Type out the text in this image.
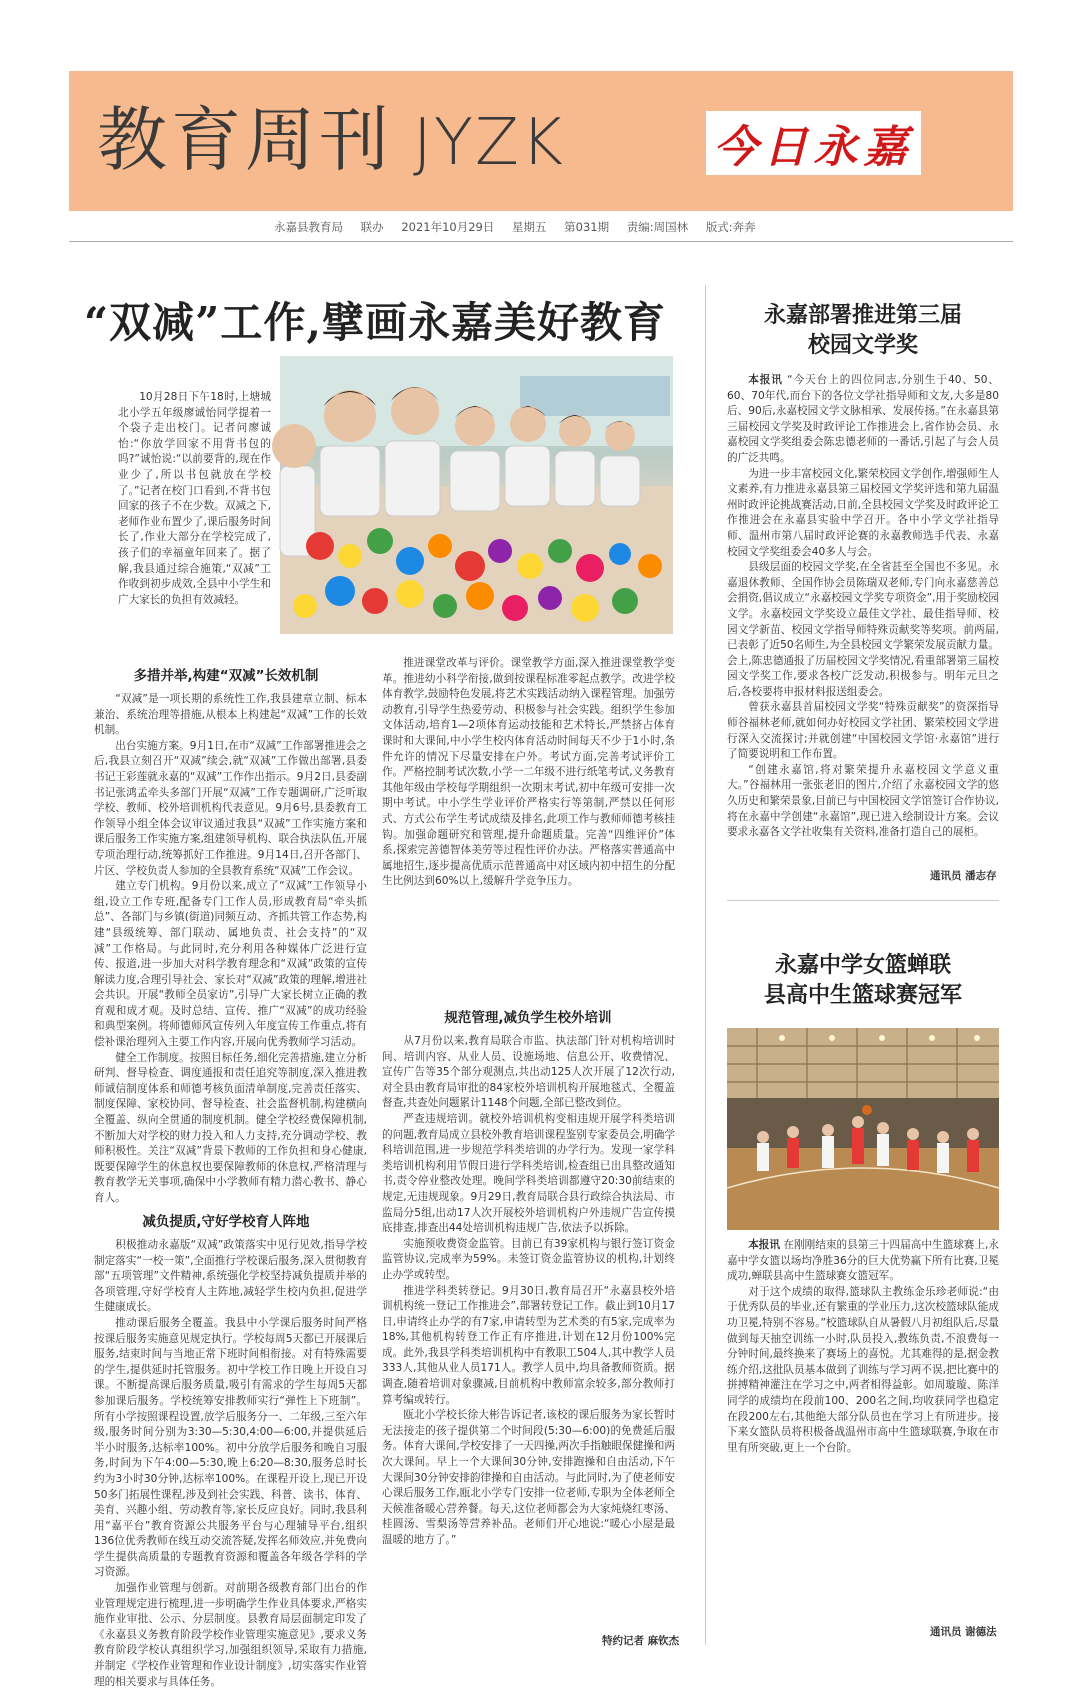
教育周刊 JYZK	今日永嘉
永嘉县教育局 联办 2021年10月29日 星期五 第031期 责编:周国林 版式:奔奔
“双减”工作,擘画永嘉美好教育

10月28日下午18时,上塘城北小学五年级廖诚怡同学提着一个袋子走出校门。记者问廖诚怡:“你放学回家不用背书包的吗?”诚怡说:“以前要背的,现在作业少了,所以书包就放在学校了。”记者在校门口看到,不背书包回家的孩子不在少数。双减之下,老师作业布置少了,课后服务时间长了,作业大部分在学校完成了,孩子们的幸福童年回来了。据了解,我县通过综合施策,“双减”工作收到初步成效,全县中小学生和广大家长的负担有效减轻。

多措并举,构建“双减”长效机制

“双减”是一项长期的系统性工作,我县建章立制、标本兼治、系统治理等措施,从根本上构建起“双减”工作的长效机制。

出台实施方案。9月1日,在市“双减”工作部署推进会之后,我县立刻召开“双减”续会,就“双减”工作做出部署,县委书记王彩莲就永嘉的“双减”工作作出指示。9月2日,县委副书记张鸿孟牵头多部门开展“双减”工作专题调研,广泛听取学校、教师、校外培训机构代表意见。9月6号,县委教育工作领导小组全体会议审议通过我县“双减”工作实施方案和课后服务工作实施方案,组建领导机构、联合执法队伍,开展专项治理行动,统筹抓好工作推进。9月14日,召开各部门、片区、学校负责人参加的全县教育系统“双减”工作会议。

建立专门机构。9月份以来,成立了“双减”工作领导小组,设立工作专班,配备专门工作人员,形成教育局“牵头抓总”、各部门与乡镇(街道)同频互动、齐抓共管工作态势,构建“县级统筹、部门联动、属地负责、社会支持”的“双减”工作格局。与此同时,充分利用各种媒体广泛进行宣传、报道,进一步加大对科学教育理念和“双减”政策的宣传解读力度,合理引导社会、家长对“双减”政策的理解,增进社会共识。开展“教师全员家访”,引导广大家长树立正确的教育观和成才观。及时总结、宣传、推广“双减”的成功经验和典型案例。将师德师风宣传列入年度宣传工作重点,将有偿补课治理列入主要工作内容,开展向优秀教师学习活动。

健全工作制度。按照目标任务,细化完善措施,建立分析研判、督导检查、调度通报和责任追究等制度,深入推进教师诚信制度体系和师德考核负面清单制度,完善责任落实、制度保障、家校协同、督导检查、社会监督机制,构建横向全覆盖、纵向全贯通的制度机制。健全学校经费保障机制,不断加大对学校的财力投入和人力支持,充分调动学校、教师积极性。关注“双减”背景下教师的工作负担和身心健康,既要保障学生的休息权也要保障教师的休息权,严格清理与教育教学无关事项,确保中小学教师有精力潜心教书、静心育人。

减负提质,守好学校育人阵地

积极推动永嘉版“双减”政策落实中见行见效,指导学校制定落实“一校一策”,全面推行学校课后服务,深入贯彻教育部“五项管理”文件精神,系统强化学校坚持减负提质并举的各项管理,守好学校育人主阵地,减轻学生校内负担,促进学生健康成长。

推动课后服务全覆盖。我县中小学课后服务时间严格按课后服务实施意见规定执行。学校每周5天都已开展课后服务,结束时间与当地正常下班时间相衔接。对有特殊需要的学生,提供延时托管服务。初中学校工作日晚上开设自习课。不断提高课后服务质量,吸引有需求的学生每周5天都参加课后服务。学校统筹安排教师实行“弹性上下班制”。所有小学按照课程设置,放学后服务分一、二年级,三至六年级,服务时间分别为3:30—5:30,4:00—6:00,并提供延后半小时服务,达标率100%。初中分放学后服务和晚自习服务,时间为下午4:00—5:30,晚上6:20—8:30,服务总时长约为3小时30分钟,达标率100%。在课程开设上,现已开设50多门拓展性课程,涉及到社会实践、科普、读书、体育、美育、兴趣小组、劳动教育等,家长反应良好。同时,我县利用“嘉平台”教育资源公共服务平台与心理辅导平台,组织136位优秀教师在线互动交流答疑,发挥名师效应,并免费向学生提供高质量的专题教育资源和覆盖各年级各学科的学习资源。

加强作业管理与创新。对前期各级教育部门出台的作业管理规定进行梳理,进一步明确学生作业具体要求,严格实施作业审批、公示、分层制度。县教育局层面制定印发了《永嘉县义务教育阶段学校作业管理实施意见》,要求义务教育阶段学校认真组织学习,加强组织领导,采取有力措施,并制定《学校作业管理和作业设计制度》,切实落实作业管理的相关要求与具体任务。

推进课堂改革与评价。课堂教学方面,深入推进课堂教学变革。推进幼小科学衔接,做到按课程标准零起点教学。改进学校体育教学,鼓励特色发展,将艺术实践活动纳入课程管理。加强劳动教育,引导学生热爱劳动、积极参与社会实践。组织学生参加文体活动,培育1—2项体育运动技能和艺术特长,严禁挤占体育课时和大课间,中小学生校内体育活动时间每天不少于1小时,条件允许的情况下尽量安排在户外。考试方面,完善考试评价工作。严格控制考试次数,小学一二年级不进行纸笔考试,义务教育其他年级由学校每学期组织一次期末考试,初中年级可安排一次期中考试。中小学生学业评价严格实行等第制,严禁以任何形式、方式公布学生考试成绩及排名,此项工作与教师师德考核挂钩。加强命题研究和管理,提升命题质量。完善“四维评价”体系,探索完善德智体美劳等过程性评价办法。严格落实普通高中属地招生,逐步提高优质示范普通高中对区域内初中招生的分配生比例达到60%以上,缓解升学竞争压力。

规范管理,减负学生校外培训

从7月份以来,教育局联合市监、执法部门针对机构培训时间、培训内容、从业人员、设施场地、信息公开、收费情况、宣传广告等35个部分观测点,共出动125人次开展了12次行动,对全县由教育局审批的84家校外培训机构开展地毯式、全覆盖督查,共查处问题累计1148个问题,全部已整改到位。

严查违规培训。就校外培训机构变相违规开展学科类培训的问题,教育局成立县校外教育培训课程鉴别专家委员会,明确学科培训范围,进一步规范学科类培训的办学行为。发现一家学科类培训机构利用节假日进行学科类培训,检查组已出具整改通知书,责令停业整改处理。晚间学科类培训都遵守20:30前结束的规定,无违规现象。9月29日,教育局联合县行政综合执法局、市监局分5组,出动17人次开展校外培训机构户外违规广告宣传摸底排查,排查出44处培训机构违规广告,依法予以拆除。

实施预收费资金监管。目前已有39家机构与银行签订资金监管协议,完成率为59%。未签订资金监管协议的机构,计划终止办学或转型。

推进学科类转登记。9月30日,教育局召开“永嘉县校外培训机构统一登记工作推进会”,部署转登记工作。截止到10月17日,申请终止办学的有7家,申请转型为艺术类的有5家,完成率为18%,其他机构转登工作正有序推进,计划在12月份100%完成。此外,我县学科类培训机构中有教职工504人,其中教学人员333人,其他从业人员171人。教学人员中,均具备教师资质。据调查,随着培训对象骤减,目前机构中教师富余较多,部分教师打算考编或转行。

瓯北小学校长徐大彬告诉记者,该校的课后服务为家长暂时无法接走的孩子提供第二个时间段(5:30—6:00)的免费延后服务。体育大课间,学校安排了一天四操,两次手指触眼保健操和两次大课间。早上一个大课间30分钟,安排跑操和自由活动,下午大课间30分钟安排韵律操和自由活动。与此同时,为了使老师安心课后服务工作,瓯北小学专门安排一位老师,专职为全体老师全天候准备暖心营养餐。每天,这位老师都会为大家炖烧红枣汤、桂圆汤、雪梨汤等营养补品。老师们开心地说:“暖心小屋是最温暖的地方了。”

特约记者 麻钦杰
永嘉部署推进第三届
校园文学奖

本报讯 “今天台上的四位同志,分别生于40、50、60、70年代,而台下的各位文学社指导师和文友,大多是80后、90后,永嘉校园文学文脉相承、发展传扬。”在永嘉县第三届校园文学奖及时政评论工作推进会上,省作协会员、永嘉校园文学奖组委会陈忠德老师的一番话,引起了与会人员的广泛共鸣。

为进一步丰富校园文化,繁荣校园文学创作,增强师生人文素养,有力推进永嘉县第三届校园文学奖评选和第九届温州时政评论挑战赛活动,日前,全县校园文学奖及时政评论工作推进会在永嘉县实验中学召开。各中小学文学社指导师、温州市第八届时政评论赛的永嘉教师选手代表、永嘉校园文学奖组委会40多人与会。

县级层面的校园文学奖,在全省甚至全国也不多见。永嘉退休教师、全国作协会员陈瑞双老师,专门向永嘉慈善总会捐资,倡议成立“永嘉校园文学奖专项资金”,用于奖励校园文学。永嘉校园文学奖设立最佳文学社、最佳指导师、校园文学新苗、校园文学指导师特殊贡献奖等奖项。前两届,已表彰了近50名师生,为全县校园文学繁荣发展贡献力量。会上,陈忠德通报了历届校园文学奖情况,看重部署第三届校园文学奖工作,要求各校广泛发动,积极参与。明年元旦之后,各校要将申报材料报送组委会。

曾获永嘉县首届校园文学奖“特殊贡献奖”的资深指导师谷福林老师,就如何办好校园文学社团、繁荣校园文学进行深入交流探讨;并就创建“中国校园文学馆·永嘉馆”进行了简要说明和工作布置。

“创建永嘉馆,将对繁荣提升永嘉校园文学意义重大。”谷福林用一张张老旧的图片,介绍了永嘉校园文学的悠久历史和繁荣景象,目前已与中国校园文学馆签订合作协议,将在永嘉中学创建“永嘉馆”,现已进入绘制设计方案。会议要求永嘉各文学社收集有关资料,准备打造自己的展柜。

通讯员 潘志存
永嘉中学女篮蝉联
县高中生篮球赛冠军

本报讯 在刚刚结束的县第三十四届高中生篮球赛上,永嘉中学女篮以场均净胜36分的巨大优势赢下所有比赛,卫冕成功,蝉联县高中生篮球赛女篮冠军。

对于这个成绩的取得,篮球队主教练金乐珍老师说:“由于优秀队员的毕业,还有繁重的学业压力,这次校篮球队能成功卫冕,特别不容易。”校篮球队自从暑假八月初组队后,尽量做到每天抽空训练一小时,队员投入,教练负责,不浪费每一分钟时间,最终换来了赛场上的喜悦。尤其难得的是,据金教练介绍,这批队员基本做到了训练与学习两不误,把比赛中的拼搏精神灌注在学习之中,两者相得益彰。如周璇璇、陈洋同学的成绩均在段前100、200名之间,均收获同学也稳定在段200左右,其他绝大部分队员也在学习上有所进步。接下来女篮队员将积极备战温州市高中生篮球联赛,争取在市里有所突破,更上一个台阶。

通讯员 谢德法
